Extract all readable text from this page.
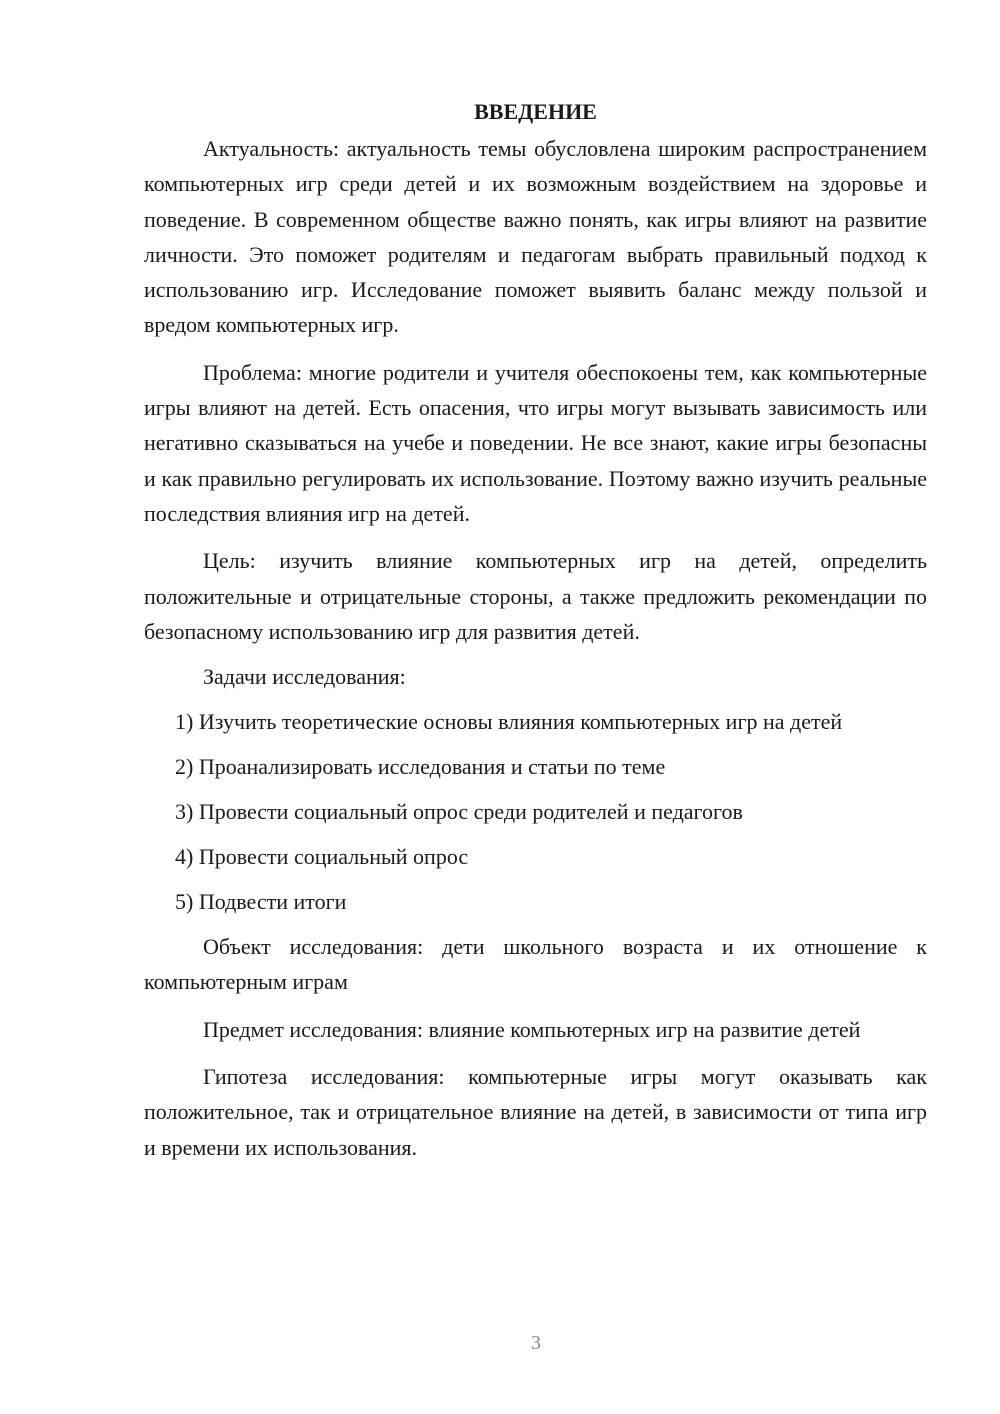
ВВЕДЕНИЕ

Актуальность: актуальность темы обусловлена широким распространением компьютерных игр среди детей и их возможным воздействием на здоровье и поведение. В современном обществе важно понять, как игры влияют на развитие личности. Это поможет родителям и педагогам выбрать правильный подход к использованию игр. Исследование поможет выявить баланс между пользой и вредом компьютерных игр.

Проблема: многие родители и учителя обеспокоены тем, как компьютерные игры влияют на детей. Есть опасения, что игры могут вызывать зависимость или негативно сказываться на учебе и поведении. Не все знают, какие игры безопасны и как правильно регулировать их использование. Поэтому важно изучить реальные последствия влияния игр на детей.

Цель: изучить влияние компьютерных игр на детей, определить положительные и отрицательные стороны, а также предложить рекомендации по безопасному использованию игр для развития детей.

Задачи исследования:
1) Изучить теоретические основы влияния компьютерных игр на детей
2) Проанализировать исследования и статьи по теме
3) Провести социальный опрос среди родителей и педагогов
4) Провести социальный опрос
5) Подвести итоги

Объект исследования: дети школьного возраста и их отношение к компьютерным играм

Предмет исследования: влияние компьютерных игр на развитие детей

Гипотеза исследования: компьютерные игры могут оказывать как положительное, так и отрицательное влияние на детей, в зависимости от типа игр и времени их использования.

3
